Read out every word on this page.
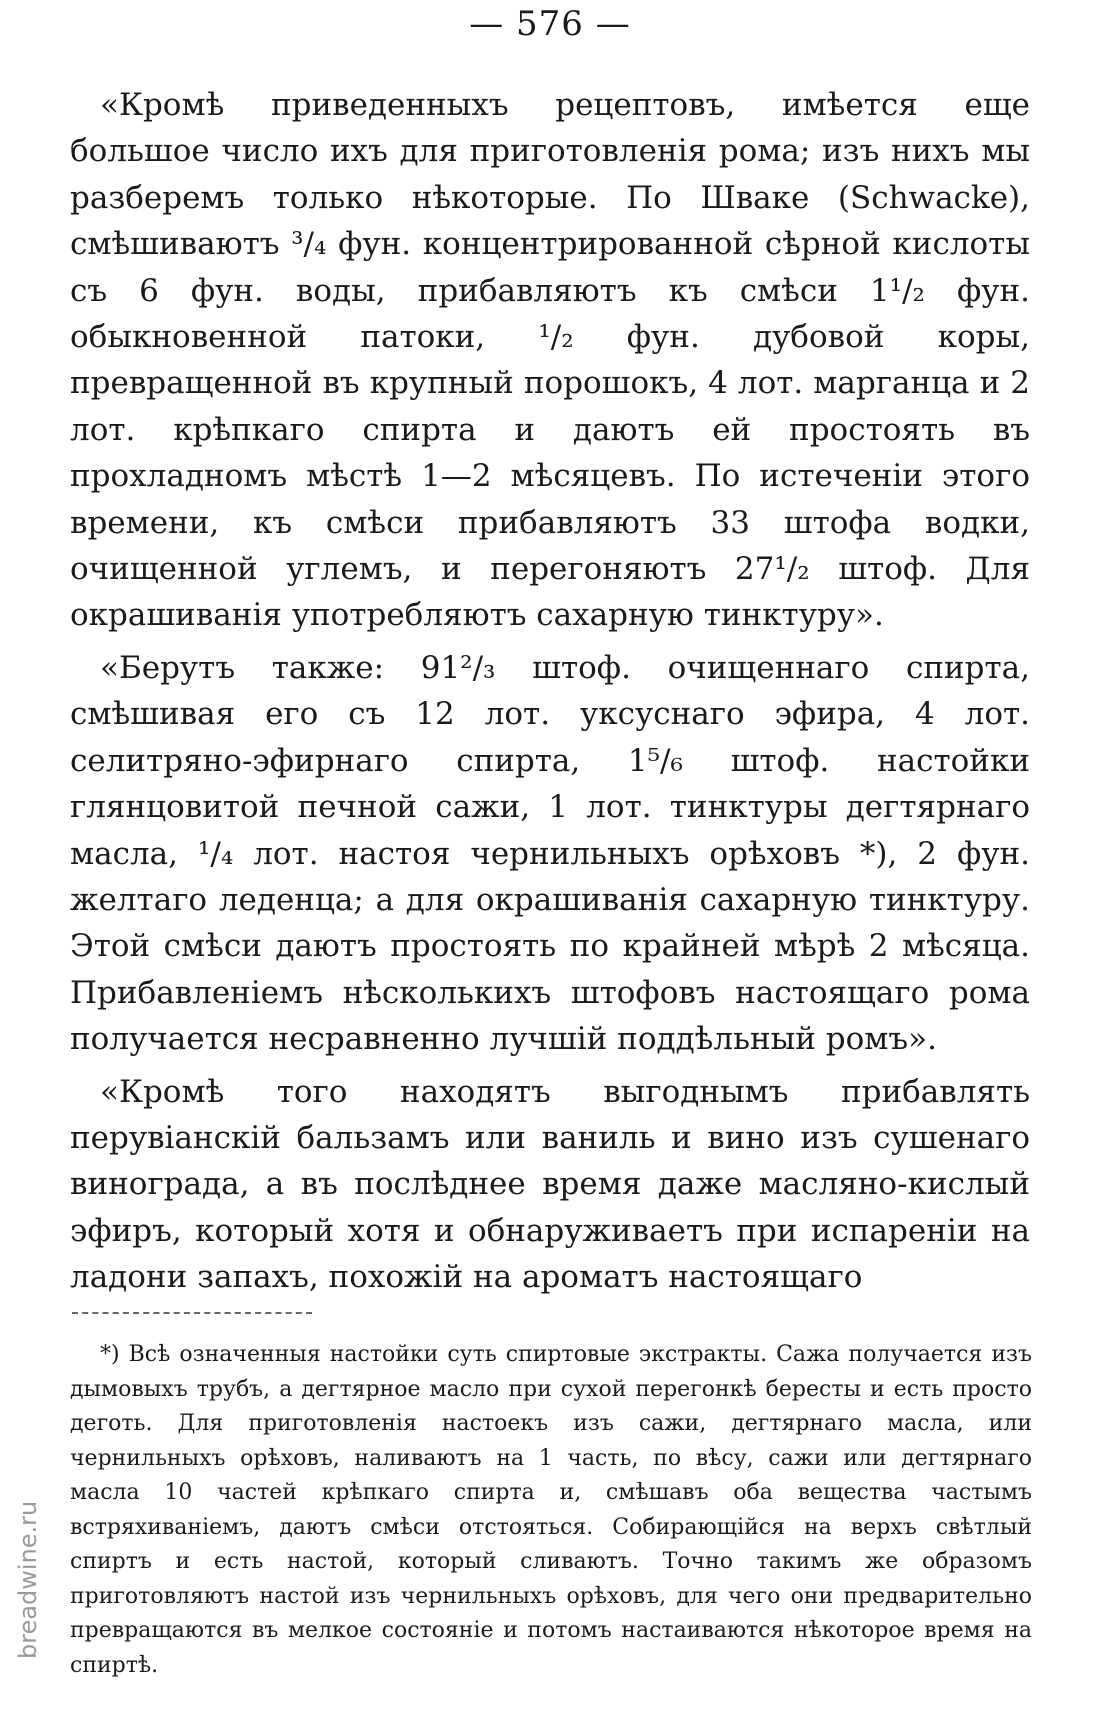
— 576 —

«Кромѣ приведенныхъ рецептовъ, имѣется еще большое число ихъ для приготовленія рома; изъ нихъ мы разберемъ только нѣкоторые. По Швакe (Schwacke), смѣшиваютъ ³/₄ фун. концентрированной сѣрной кислоты съ 6 фун. воды, прибавляютъ къ смѣси 1¹/₂ фун. обыкновенной патоки, ¹/₂ фун. дубовой коры, превращенной въ крупный порошокъ, 4 лот. марганца и 2 лот. крѣпкаго спирта и даютъ ей простоять въ прохладномъ мѣстѣ 1—2 мѣсяцевъ. По истеченіи этого времени, къ смѣси прибавляютъ 33 штофа водки, очищенной углемъ, и перегоняютъ 27¹/₂ штоф. Для окрашиванія употребляютъ сахарную тинктуру».

«Берутъ также: 91²/₃ штоф. очищеннаго спирта, смѣшивая его съ 12 лот. уксуснаго эфира, 4 лот. селитряно-эфирнаго спирта, 1⁵/₆ штоф. настойки глянцовитой печной сажи, 1 лот. тинктуры дегтярнаго масла, ¹/₄ лот. настоя чернильныхъ орѣховъ *), 2 фун. желтаго леденца; а для окрашиванія сахарную тинктуру. Этой смѣси даютъ простоять по крайней мѣрѣ 2 мѣсяца. Прибавленіемъ нѣсколькихъ штофовъ настоящаго рома получается несравненно лучшій поддѣльный ромъ».

«Кромѣ того находятъ выгоднымъ прибавлять перувіанскій бальзамъ или ваниль и вино изъ сушенаго винограда, а въ послѣднее время даже масляно-кислый эфиръ, который хотя и обнаруживаетъ при испареніи на ладони запахъ, похожій на ароматъ настоящаго

*) Всѣ означенныя настойки суть спиртовые экстракты. Сажа получается изъ дымовыхъ трубъ, а дегтярное масло при сухой перегонкѣ бересты и есть просто деготь. Для приготовленія настоекъ изъ сажи, дегтярнаго масла, или чернильныхъ орѣховъ, наливаютъ на 1 часть, по вѣсу, сажи или дегтярнаго масла 10 частей крѣпкаго спирта и, смѣшавъ оба вещества частымъ встряхиваніемъ, даютъ смѣси отстояться. Собирающійся на верхъ свѣтлый спиртъ и есть настой, который сливаютъ. Точно такимъ же образомъ приготовляютъ настой изъ чернильныхъ орѣховъ, для чего они предварительно превращаются въ мелкое состояніе и потомъ настаиваются нѣкоторое время на спиртѣ.

breadwine.ru
